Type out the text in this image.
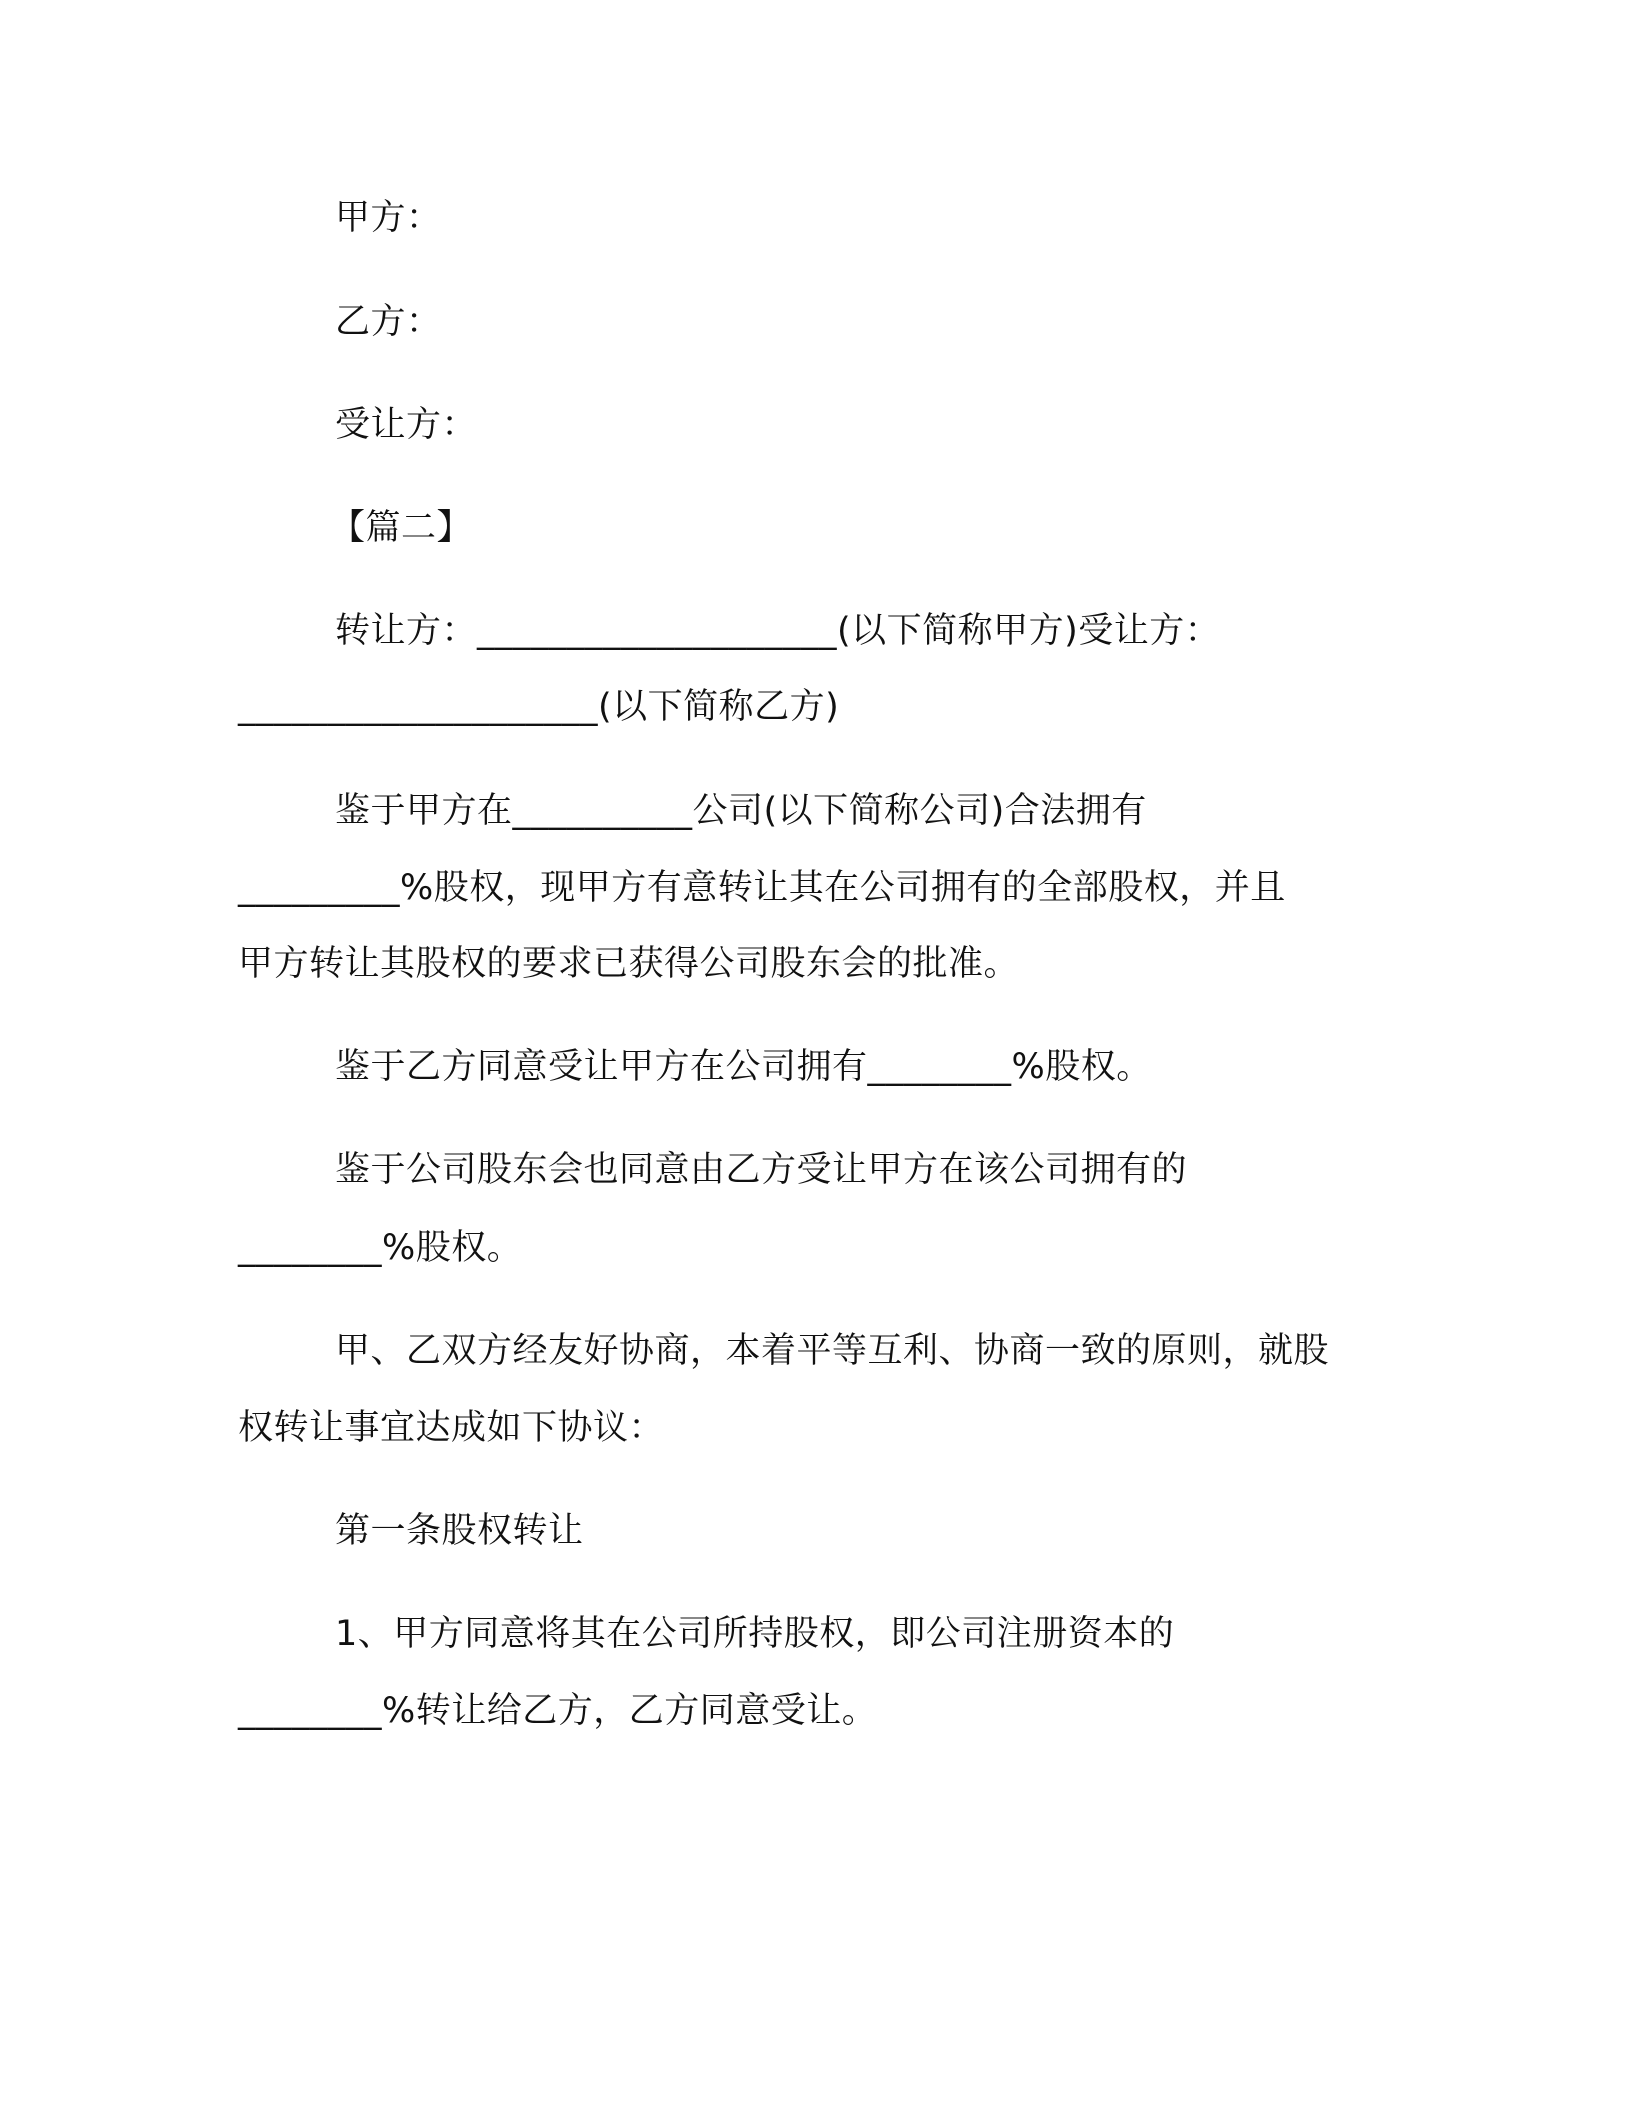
甲方：
乙方：
受让方：
【篇二】
转让方：____________________(以下简称甲方)受让方：
____________________(以下简称乙方)
鉴于甲方在__________公司(以下简称公司)合法拥有
_________%股权，现甲方有意转让其在公司拥有的全部股权，并且
甲方转让其股权的要求已获得公司股东会的批准。
鉴于乙方同意受让甲方在公司拥有________%股权。
鉴于公司股东会也同意由乙方受让甲方在该公司拥有的
________%股权。
甲、乙双方经友好协商，本着平等互利、协商一致的原则，就股
权转让事宜达成如下协议：
第一条股权转让
1、甲方同意将其在公司所持股权，即公司注册资本的
________%转让给乙方，乙方同意受让。
